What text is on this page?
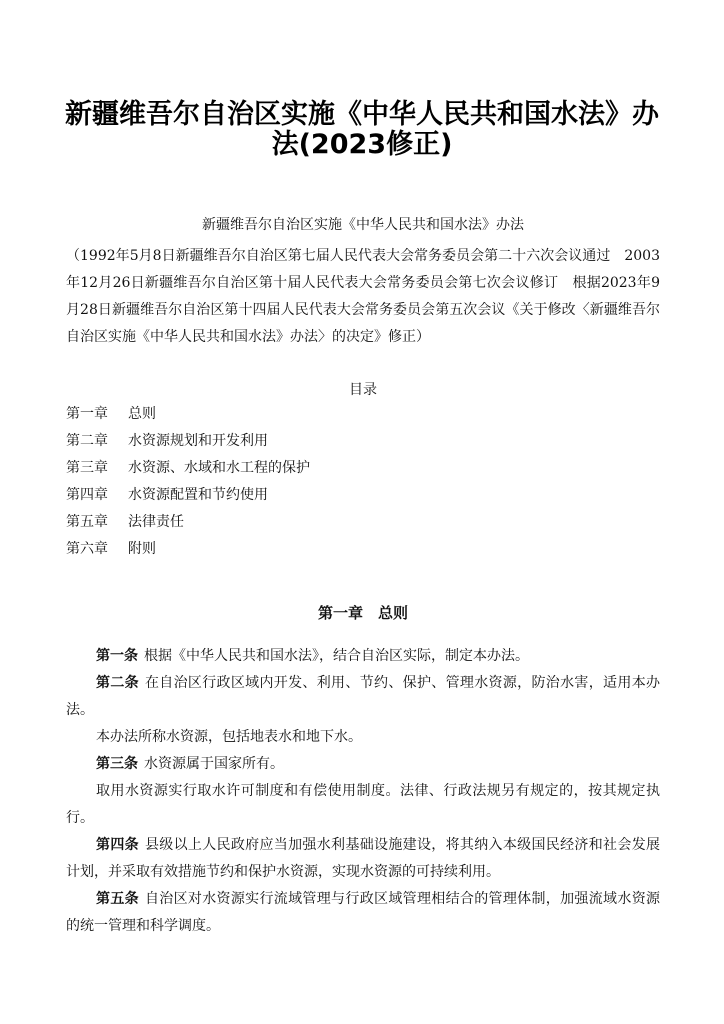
新疆维吾尔自治区实施《中华人民共和国水法》办法(2023修正)
新疆维吾尔自治区实施《中华人民共和国水法》办法
（1992年5月8日新疆维吾尔自治区第七届人民代表大会常务委员会第二十六次会议通过　2003年12月26日新疆维吾尔自治区第十届人民代表大会常务委员会第七次会议修订　根据2023年9月28日新疆维吾尔自治区第十四届人民代表大会常务委员会第五次会议《关于修改〈新疆维吾尔自治区实施《中华人民共和国水法》办法〉的决定》修正）
目录
第一章	总则
第二章	水资源规划和开发利用
第三章	水资源、水域和水工程的保护
第四章	水资源配置和节约使用
第五章	法律责任
第六章	附则
第一章　总则

第一条 根据《中华人民共和国水法》，结合自治区实际，制定本办法。

第二条 在自治区行政区域内开发、利用、节约、保护、管理水资源，防治水害，适用本办法。

本办法所称水资源，包括地表水和地下水。

第三条 水资源属于国家所有。

取用水资源实行取水许可制度和有偿使用制度。法律、行政法规另有规定的，按其规定执行。

第四条 县级以上人民政府应当加强水利基础设施建设，将其纳入本级国民经济和社会发展计划，并采取有效措施节约和保护水资源，实现水资源的可持续利用。

第五条 自治区对水资源实行流域管理与行政区域管理相结合的管理体制，加强流域水资源的统一管理和科学调度。
